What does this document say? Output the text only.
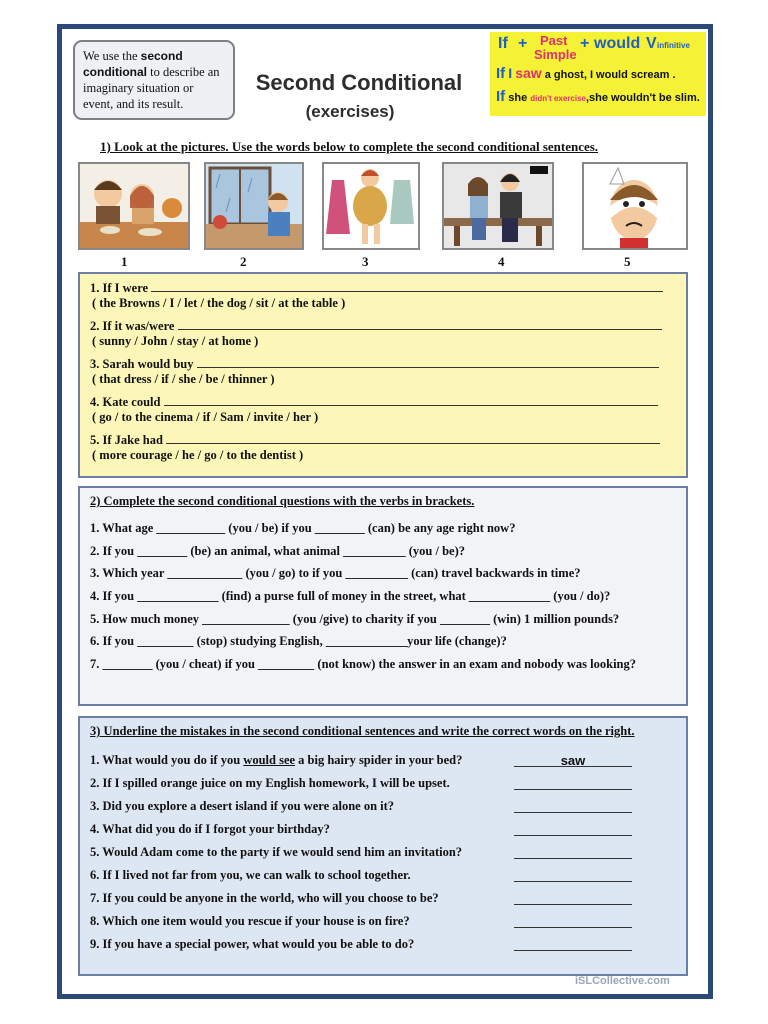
We use the second conditional to describe an imaginary situation or event, and its result.
Second Conditional
(exercises)
If + Past
Simple
+ would V infinitive
If I saw a ghost, I would scream .
If she didn't exercise,she wouldn't be slim.
1) Look at the pictures. Use the words below to complete the second conditional sentences.
1	2	3	4	5
1. If I were
( the Browns / I / let / the dog / sit / at the table )
2. If it was/were
( sunny / John / stay / at home )
3. Sarah would buy
( that dress / if / she / be / thinner )
4. Kate could
( go / to the cinema / if / Sam / invite / her )
5. If Jake had
( more courage / he / go / to the dentist )
2) Complete the second conditional questions with the verbs in brackets.
1. What age ___________ (you / be) if you ________ (can) be any age right now?
2. If you ________ (be) an animal, what animal __________ (you / be)?
3. Which year ____________ (you / go) to if you __________ (can) travel backwards in time?
4. If you _____________ (find) a purse full of money in the street, what _____________ (you / do)?
5. How much money ______________ (you /give) to charity if you ________ (win) 1 million pounds?
6. If you _________ (stop) studying English, _____________your life (change)?
7. ________ (you / cheat) if you _________ (not know) the answer in an exam and nobody was looking?
3) Underline the mistakes in the second conditional sentences and write the correct words on the right.
1. What would you do if you would see a big hairy spider in your bed?	saw
2. If I spilled orange juice on my English homework, I will be upset.
3. Did you explore a desert island if you were alone on it?
4. What did you do if I forgot your birthday?
5. Would Adam come to the party if we would send him an invitation?
6. If I lived not far from you, we can walk to school together.
7. If you could be anyone in the world, who will you choose to be?
8. Which one item would you rescue if your house is on fire?
9. If you have a special power, what would you be able to do?
iSLCollective.com
